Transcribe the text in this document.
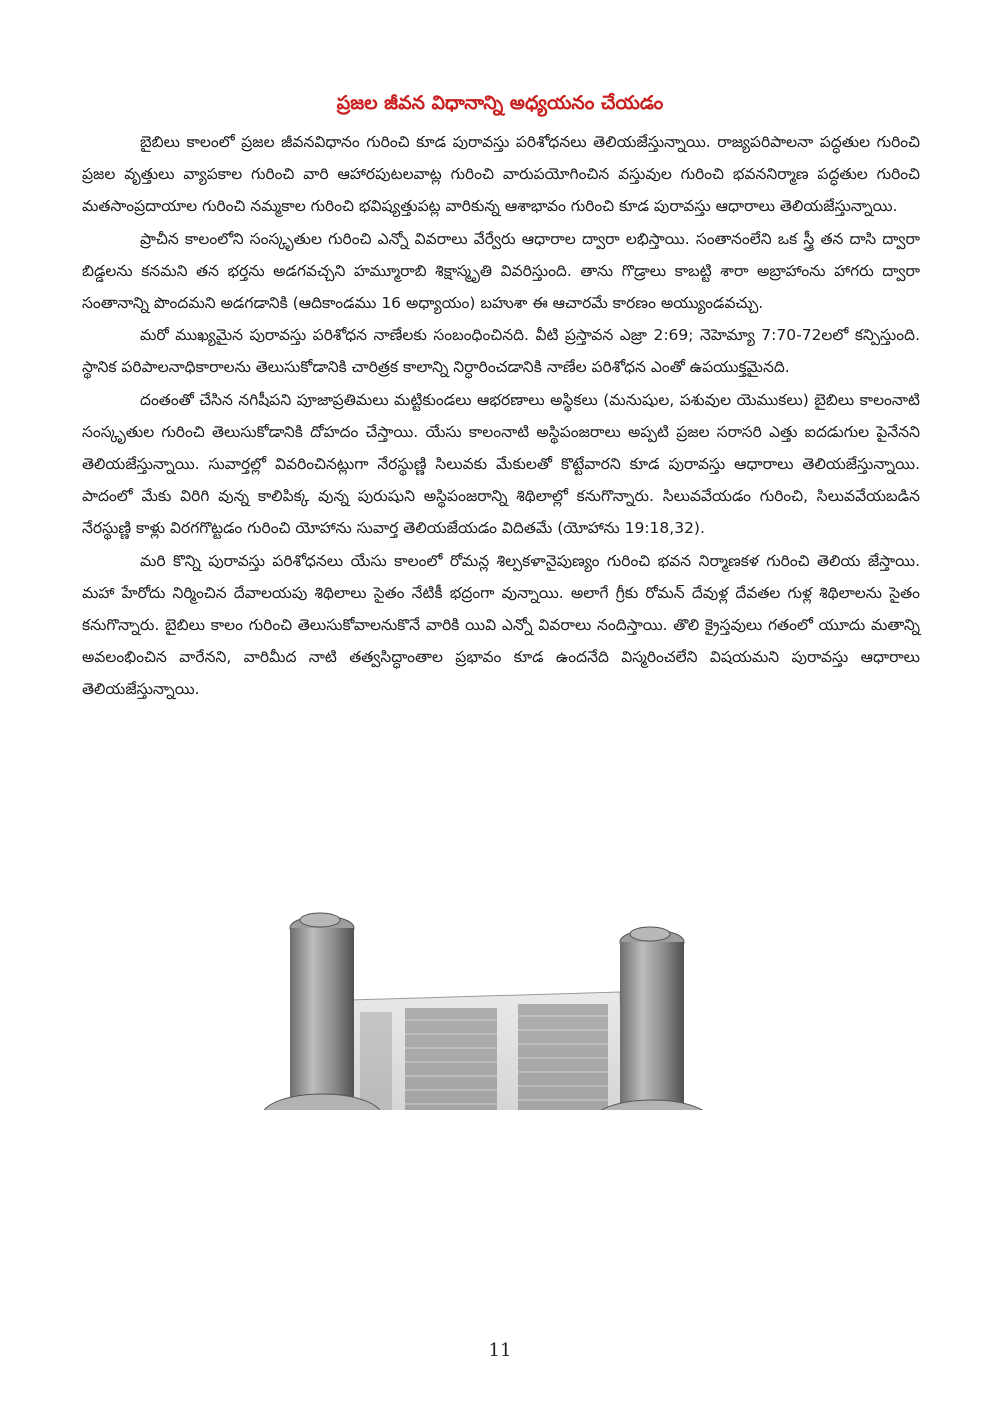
ప్రజల జీవన విధానాన్ని అధ్యయనం చేయడం

బైబిలు కాలంలో ప్రజల జీవనవిధానం గురించి కూడ పురావస్తు పరిశోధనలు తెలియజేస్తున్నాయి. రాజ్యపరిపాలనా పద్ధతుల గురించి ప్రజల వృత్తులు వ్యాపకాల గురించి వారి ఆహారపుటలవాట్ల గురించి వారుపయోగించిన వస్తువుల గురించి భవననిర్మాణ పద్ధతుల గురించి మతసాంప్రదాయాల గురించి నమ్మకాల గురించి భవిష్యత్తుపట్ల వారికున్న ఆశాభావం గురించి కూడ పురావస్తు ఆధారాలు తెలియజేస్తున్నాయి.

ప్రాచీన కాలంలోని సంస్కృతుల గురించి ఎన్నో వివరాలు వేర్వేరు ఆధారాల ద్వారా లభిస్తాయి. సంతానంలేని ఒక స్త్రీ తన దాసి ద్వారా బిడ్డలను కనమని తన భర్తను అడగవచ్చని హమ్మూరాబి శిక్షాస్మృతి వివరిస్తుంది. తాను గొడ్రాలు కాబట్టి శారా అబ్రాహాంను హాగరు ద్వారా సంతానాన్ని పొందమని అడగడానికి (ఆదికాండము 16 అధ్యాయం) బహుశా ఈ ఆచారమే కారణం అయ్యుండవచ్చు.

మరో ముఖ్యమైన పురావస్తు పరిశోధన నాణేలకు సంబంధించినది. వీటి ప్రస్తావన ఎజ్రా 2:69; నెహెమ్యా 7:70-72లలో కన్పిస్తుంది. స్థానిక పరిపాలనాధికారాలను తెలుసుకోడానికి చారిత్రక కాలాన్ని నిర్ధారించడానికి నాణేల పరిశోధన ఎంతో ఉపయుక్తమైనది.

దంతంతో చేసిన నగిషీపని పూజాప్రతిమలు మట్టికుండలు ఆభరణాలు అస్థికలు (మనుషుల, పశువుల యెముకలు) బైబిలు కాలంనాటి సంస్కృతుల గురించి తెలుసుకోడానికి దోహదం చేస్తాయి. యేసు కాలంనాటి అస్థిపంజరాలు అప్పటి ప్రజల సరాసరి ఎత్తు ఐదడుగుల పైనేనని తెలియజేస్తున్నాయి. సువార్తల్లో వివరించినట్లుగా నేరస్థుణ్ణి సిలువకు మేకులతో కొట్టేవారని కూడ పురావస్తు ఆధారాలు తెలియజేస్తున్నాయి. పాదంలో మేకు విరిగి వున్న కాలిపిక్క వున్న పురుషుని అస్థిపంజరాన్ని శిథిలాల్లో కనుగొన్నారు. సిలువవేయడం గురించి, సిలువవేయబడిన నేరస్థుణ్ణి కాళ్లు విరగగొట్టడం గురించి యోహాను సువార్త తెలియజేయడం విదితమే (యోహాను 19:18,32).

మరి కొన్ని పురావస్తు పరిశోధనలు యేసు కాలంలో రోమన్ల శిల్పకళానైపుణ్యం గురించి భవన నిర్మాణకళ గురించి తెలియ జేస్తాయి. మహా హేరోదు నిర్మించిన దేవాలయపు శిథిలాలు సైతం నేటికీ భద్రంగా వున్నాయి. అలాగే గ్రీకు రోమన్ దేవుళ్ల దేవతల గుళ్ల శిథిలాలను సైతం కనుగొన్నారు. బైబిలు కాలం గురించి తెలుసుకోవాలనుకొనే వారికి యివి ఎన్నో వివరాలు నందిస్తాయి. తొలి క్రైస్తవులు గతంలో యూదు మతాన్ని అవలంభించిన వారేనని, వారిమీద నాటి తత్వసిద్ధాంతాల ప్రభావం కూడ ఉందనేది విస్మరించలేని విషయమని పురావస్తు ఆధారాలు తెలియజేస్తున్నాయి.

11
